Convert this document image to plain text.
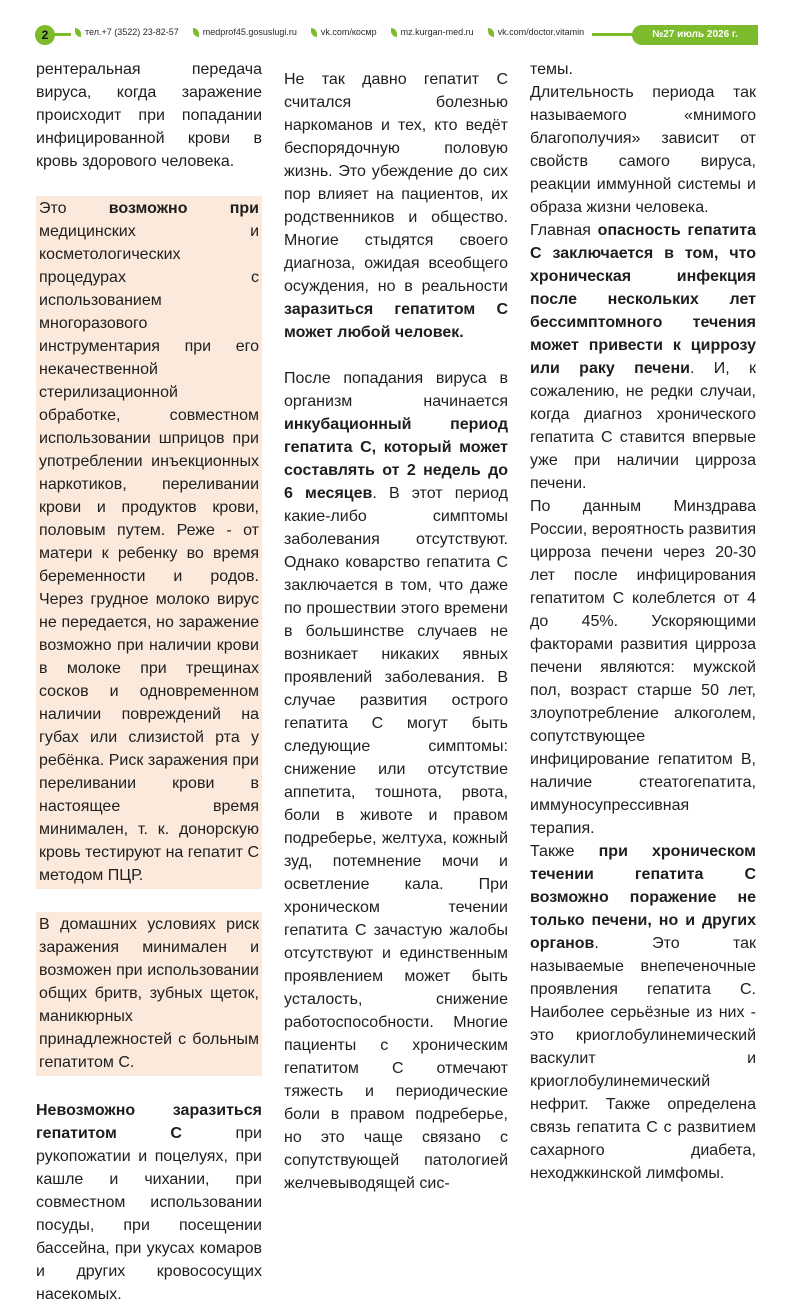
2	тел.+7 (3522) 23-82-57	medprof45.gosuslugi.ru	vk.com/космр	mz.kurgan-med.ru	vk.com/doctor.vitamin	№27 июль 2026 г.

рентеральная передача вируса, когда заражение происходит при попадании инфицированной крови в кровь здорового человека.

Это возможно при медицинских и косметологических процедурах с использованием многоразового инструментария при его некачественной стерилизационной обработке, совместном использовании шприцов при употреблении инъекционных наркотиков, переливании крови и продуктов крови, половым путем. Реже - от матери к ребенку во время беременности и родов. Через грудное молоко вирус не передается, но заражение возможно при наличии крови в молоке при трещинах сосков и одновременном наличии повреждений на губах или слизистой рта у ребёнка. Риск заражения при переливании крови в настоящее время минимален, т. к. донорскую кровь тестируют на гепатит С методом ПЦР.

В домашних условиях риск заражения минимален и возможен при использовании общих бритв, зубных щеток, маникюрных принадлежностей с больным гепатитом С.

Невозможно заразиться гепатитом С при рукопожатии и поцелуях, при кашле и чихании, при совместном использовании посуды, при посещении бассейна, при укусах комаров и других кровососущих насекомых.

Не так давно гепатит С считался болезнью наркоманов и тех, кто ведёт беспорядочную половую жизнь. Это убеждение до сих пор влияет на пациентов, их родственников и общество. Многие стыдятся своего диагноза, ожидая всеобщего осуждения, но в реальности заразиться гепатитом С может любой человек.

После попадания вируса в организм начинается инкубационный период гепатита С, который может составлять от 2 недель до 6 месяцев. В этот период какие-либо симптомы заболевания отсутствуют. Однако коварство гепатита С заключается в том, что даже по прошествии этого времени в большинстве случаев не возникает никаких явных проявлений заболевания. В случае развития острого гепатита С могут быть следующие симптомы: снижение или отсутствие аппетита, тошнота, рвота, боли в животе и правом подреберье, желтуха, кожный зуд, потемнение мочи и осветление кала. При хроническом течении гепатита С зачастую жалобы отсутствуют и единственным проявлением может быть усталость, снижение работоспособности. Многие пациенты с хроническим гепатитом С отмечают тяжесть и периодические боли в правом подреберье, но это чаще связано с сопутствующей патологией желчевыводящей сис-

темы.

Длительность периода так называемого «мнимого благополучия» зависит от свойств самого вируса, реакции иммунной системы и образа жизни человека.

Главная опасность гепатита С заключается в том, что хроническая инфекция после нескольких лет бессимптомного течения может привести к циррозу или раку печени. И, к сожалению, не редки случаи, когда диагноз хронического гепатита С ставится впервые уже при наличии цирроза печени.

По данным Минздрава России, вероятность развития цирроза печени через 20-30 лет после инфицирования гепатитом С колеблется от 4 до 45%. Ускоряющими факторами развития цирроза печени являются: мужской пол, возраст старше 50 лет, злоупотребление алкоголем, сопутствующее инфицирование гепатитом В, наличие стеатогепатита, иммуносупрессивная терапия.

Также при хроническом течении гепатита С возможно поражение не только печени, но и других органов. Это так называемые внепеченочные проявления гепатита С. Наиболее серьёзные из них - это криоглобулинемический васкулит и криоглобулинемический нефрит. Также определена связь гепатита С с развитием сахарного диабета, неходжкинской лимфомы.
